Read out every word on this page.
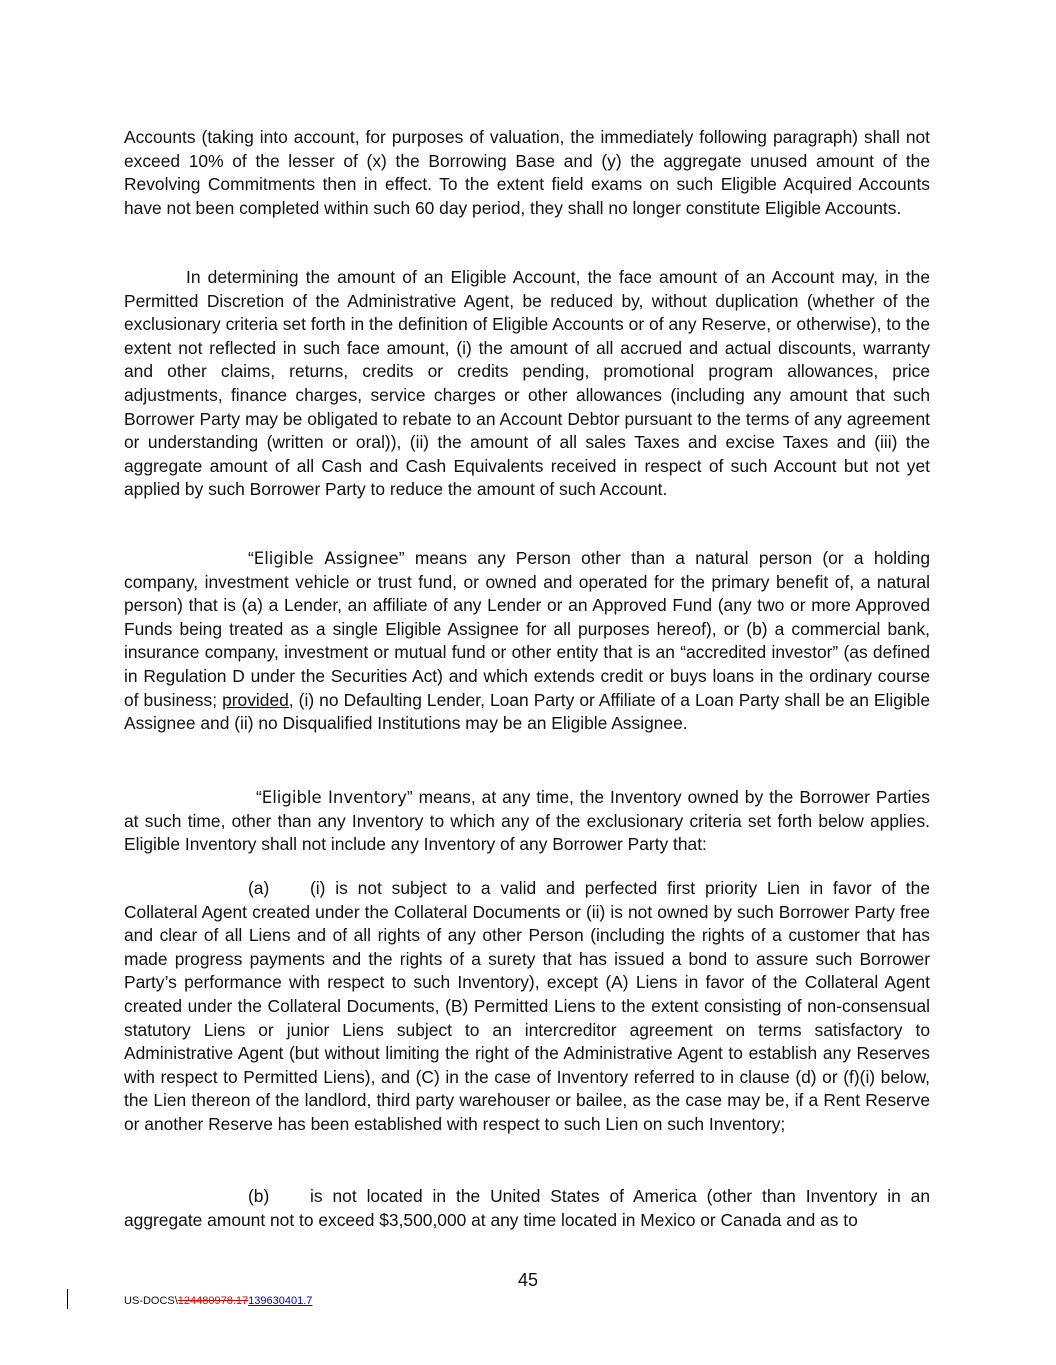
Accounts (taking into account, for purposes of valuation, the immediately following paragraph) shall not exceed 10% of the lesser of (x) the Borrowing Base and (y) the aggregate unused amount of the Revolving Commitments then in effect. To the extent field exams on such Eligible Acquired Accounts have not been completed within such 60 day period, they shall no longer constitute Eligible Accounts.

In determining the amount of an Eligible Account, the face amount of an Account may, in the Permitted Discretion of the Administrative Agent, be reduced by, without duplication (whether of the exclusionary criteria set forth in the definition of Eligible Accounts or of any Reserve, or otherwise), to the extent not reflected in such face amount, (i) the amount of all accrued and actual discounts, warranty and other claims, returns, credits or credits pending, promotional program allowances, price adjustments, finance charges, service charges or other allowances (including any amount that such Borrower Party may be obligated to rebate to an Account Debtor pursuant to the terms of any agreement or understanding (written or oral)), (ii) the amount of all sales Taxes and excise Taxes and (iii) the aggregate amount of all Cash and Cash Equivalents received in respect of such Account but not yet applied by such Borrower Party to reduce the amount of such Account.

“Eligible Assignee” means any Person other than a natural person (or a holding company, investment vehicle or trust fund, or owned and operated for the primary benefit of, a natural person) that is (a) a Lender, an affiliate of any Lender or an Approved Fund (any two or more Approved Funds being treated as a single Eligible Assignee for all purposes hereof), or (b) a commercial bank, insurance company, investment or mutual fund or other entity that is an “accredited investor” (as defined in Regulation D under the Securities Act) and which extends credit or buys loans in the ordinary course of business; provided, (i) no Defaulting Lender, Loan Party or Affiliate of a Loan Party shall be an Eligible Assignee and (ii) no Disqualified Institutions may be an Eligible Assignee.

“Eligible Inventory” means, at any time, the Inventory owned by the Borrower Parties at such time, other than any Inventory to which any of the exclusionary criteria set forth below applies. Eligible Inventory shall not include any Inventory of any Borrower Party that:

(a) (i) is not subject to a valid and perfected first priority Lien in favor of the Collateral Agent created under the Collateral Documents or (ii) is not owned by such Borrower Party free and clear of all Liens and of all rights of any other Person (including the rights of a customer that has made progress payments and the rights of a surety that has issued a bond to assure such Borrower Party’s performance with respect to such Inventory), except (A) Liens in favor of the Collateral Agent created under the Collateral Documents, (B) Permitted Liens to the extent consisting of non-consensual statutory Liens or junior Liens subject to an intercreditor agreement on terms satisfactory to Administrative Agent (but without limiting the right of the Administrative Agent to establish any Reserves with respect to Permitted Liens), and (C) in the case of Inventory referred to in clause (d) or (f)(i) below, the Lien thereon of the landlord, third party warehouser or bailee, as the case may be, if a Rent Reserve or another Reserve has been established with respect to such Lien on such Inventory;

(b) is not located in the United States of America (other than Inventory in an aggregate amount not to exceed $3,500,000 at any time located in Mexico or Canada and as to

45
US-DOCS\124480978.17139630401.7
